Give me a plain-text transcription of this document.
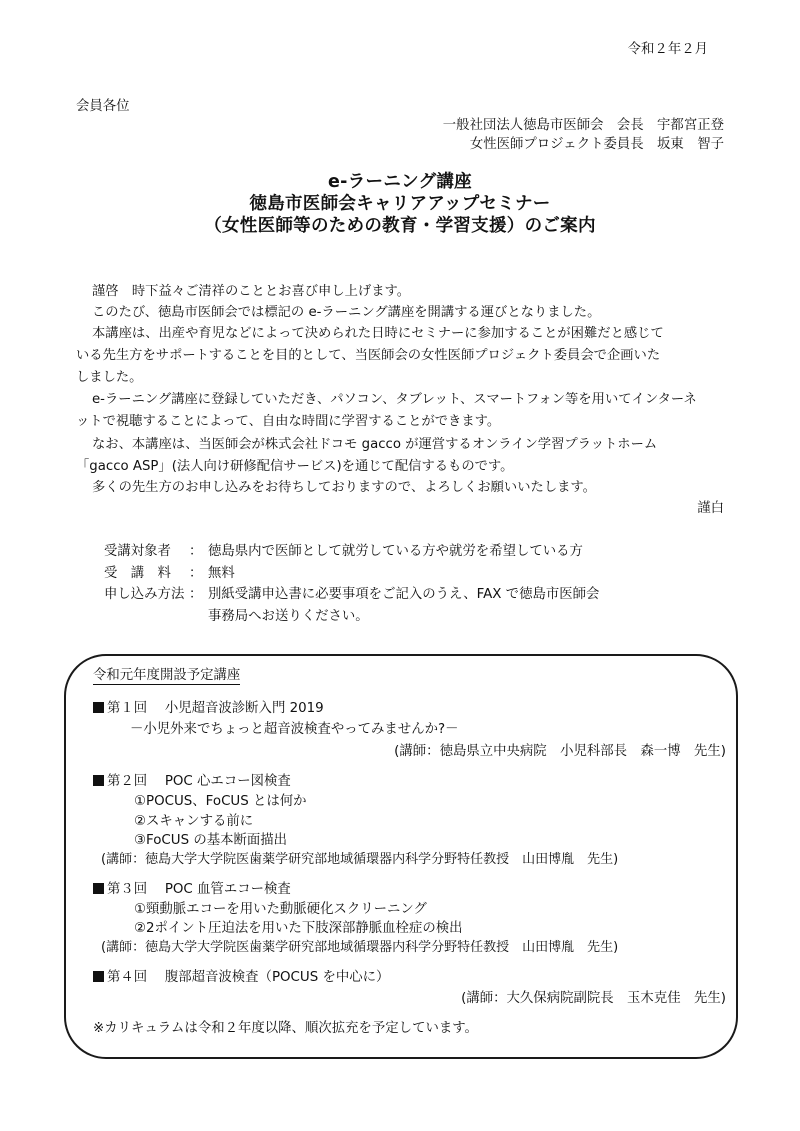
令和２年２月
会員各位
一般社団法人徳島市医師会　会長　宇都宮正登
女性医師プロジェクト委員長　坂東　智子
e-ラーニング講座
徳島市医師会キャリアアップセミナー
（女性医師等のための教育・学習支援）のご案内
謹啓　時下益々ご清祥のこととお喜び申し上げます。
このたび、徳島市医師会では標記の e-ラーニング講座を開講する運びとなりました。
本講座は、出産や育児などによって決められた日時にセミナーに参加することが困難だと感じて
いる先生方をサポートすることを目的として、当医師会の女性医師プロジェクト委員会で企画いた
しました。
e-ラーニング講座に登録していただき、パソコン、タブレット、スマートフォン等を用いてインターネ
ットで視聴することによって、自由な時間に学習することができます。
なお、本講座は、当医師会が株式会社ドコモ gacco が運営するオンライン学習プラットホーム
「gacco ASP」(法人向け研修配信サービス)を通じて配信するものです。
多くの先生方のお申し込みをお待ちしておりますので、よろしくお願いいたします。
謹白
受講対象者 ： 徳島県内で医師として就労している方や就労を希望している方
受　講　料 ： 無料
申し込み方法 ： 別紙受講申込書に必要事項をご記入のうえ、FAX で徳島市医師会
事務局へお送りください。
令和元年度開設予定講座
第１回　 小児超音波診断入門 2019
－小児外来でちょっと超音波検査やってみませんか?－
(講師：徳島県立中央病院　小児科部長　森一博　先生)
第２回　 POC 心エコー図検査
①POCUS、FoCUS とは何か
②スキャンする前に
③FoCUS の基本断面描出
(講師：徳島大学大学院医歯薬学研究部地域循環器内科学分野特任教授　山田博胤　先生)
第３回　 POC 血管エコー検査
①頸動脈エコーを用いた動脈硬化スクリーニング
②2ポイント圧迫法を用いた下肢深部静脈血栓症の検出
(講師：徳島大学大学院医歯薬学研究部地域循環器内科学分野特任教授　山田博胤　先生)
第４回　 腹部超音波検査（POCUS を中心に）
(講師：大久保病院副院長　玉木克佳　先生)
※カリキュラムは令和２年度以降、順次拡充を予定しています。
